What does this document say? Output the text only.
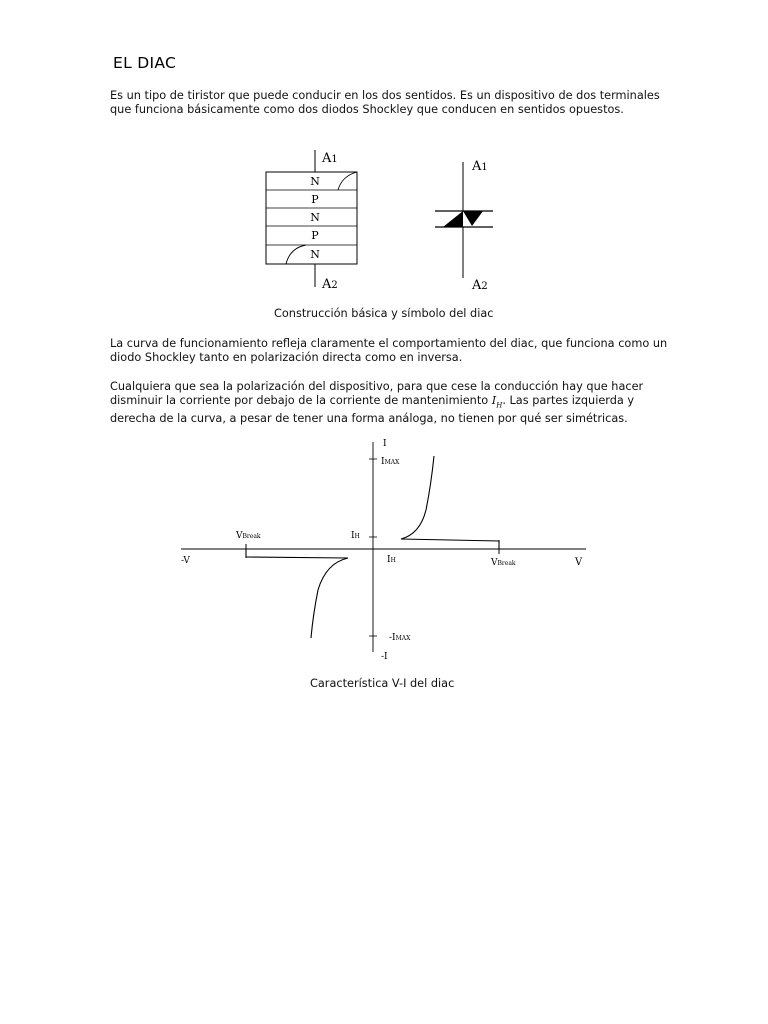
EL DIAC

Es un tipo de tiristor que puede conducir en los dos sentidos. Es un dispositivo de dos terminales que funciona básicamente como dos diodos Shockley que conducen en sentidos opuestos.

N
P
N
P
N
A1
A2
A1
A2
Construcción básica y símbolo del diac

La curva de funcionamiento refleja claramente el comportamiento del diac, que funciona como un diodo Shockley tanto en polarización directa como en inversa.

Cualquiera que sea la polarización del dispositivo, para que cese la conducción hay que hacer disminuir la corriente por debajo de la corriente de mantenimiento $I_H$. Las partes izquierda y derecha de la curva, a pesar de tener una forma análoga, no tienen por qué ser simétricas.

I
IMAX
IH
IH
-IMAX
-I
V
-V
VBreak
VBreak
Característica V-I del diac
